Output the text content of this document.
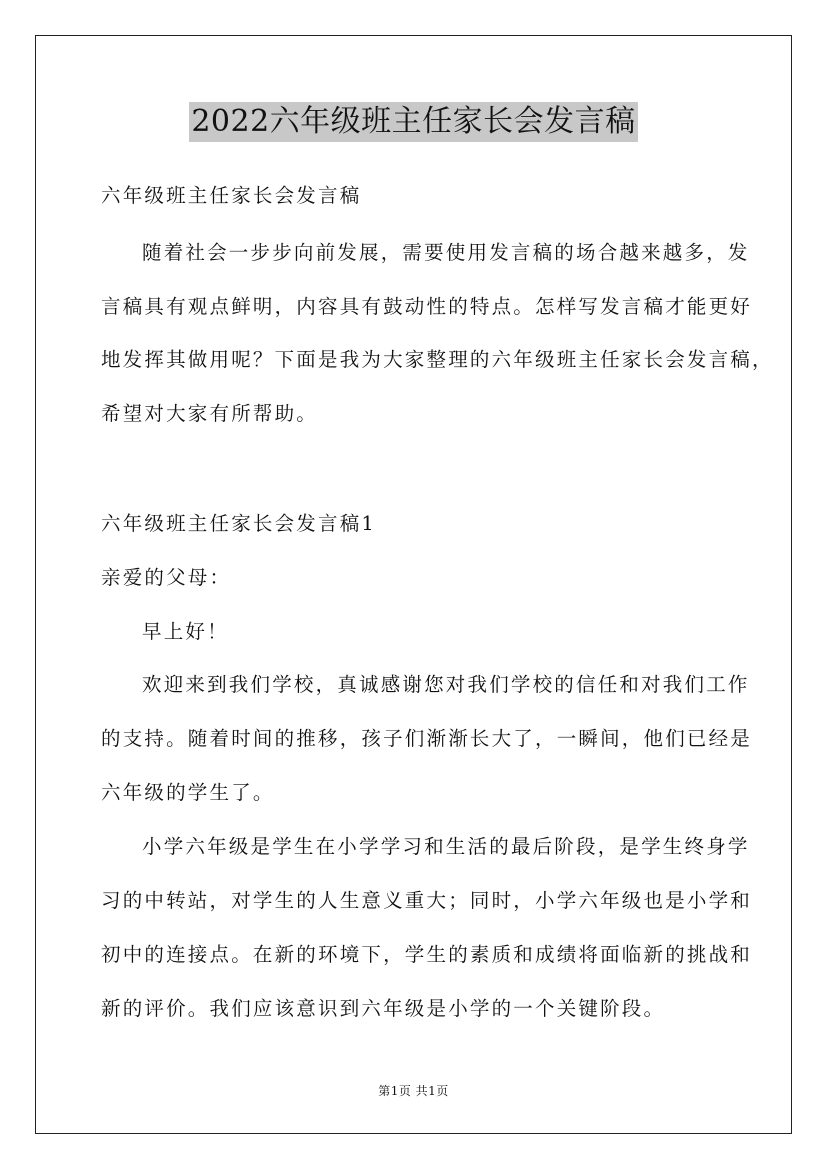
2022六年级班主任家长会发言稿
六年级班主任家长会发言稿
随着社会一步步向前发展，需要使用发言稿的场合越来越多，发
言稿具有观点鲜明，内容具有鼓动性的特点。怎样写发言稿才能更好
地发挥其做用呢？下面是我为大家整理的六年级班主任家长会发言稿，
希望对大家有所帮助。
六年级班主任家长会发言稿1
亲爱的父母：
早上好！
欢迎来到我们学校，真诚感谢您对我们学校的信任和对我们工作
的支持。随着时间的推移，孩子们渐渐长大了，一瞬间，他们已经是
六年级的学生了。
小学六年级是学生在小学学习和生活的最后阶段，是学生终身学
习的中转站，对学生的人生意义重大；同时，小学六年级也是小学和
初中的连接点。在新的环境下，学生的素质和成绩将面临新的挑战和
新的评价。我们应该意识到六年级是小学的一个关键阶段。
第1页 共1页
